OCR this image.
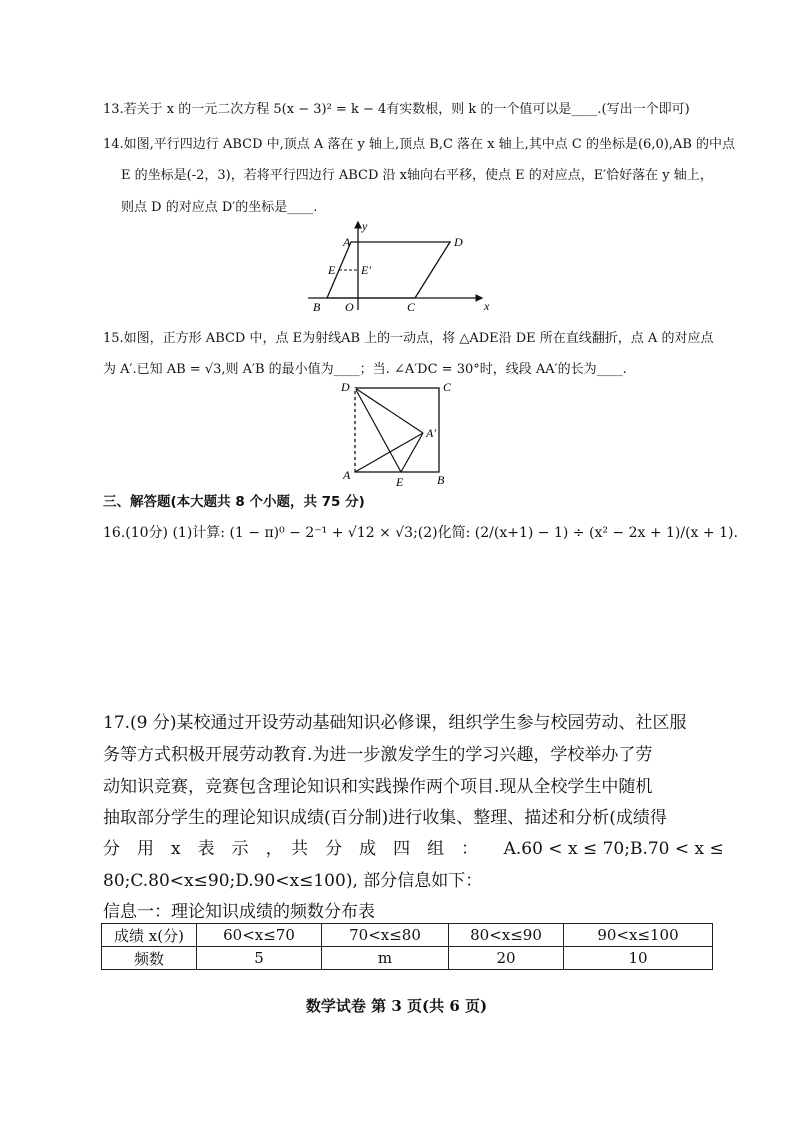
13.若关于 x 的一元二次方程 5(x − 3)² = k − 4有实数根，则 k 的一个值可以是____.(写出一个即可)
14.如图,平行四边行 ABCD 中,顶点 A 落在 y 轴上,顶点 B,C 落在 x 轴上,其中点 C 的坐标是(6,0),AB 的中点
E 的坐标是(-2，3)，若将平行四边行 ABCD 沿 x轴向右平移，使点 E 的对应点，E′恰好落在 y 轴上，
则点 D 的对应点 D′的坐标是____.
y
x
A	D
E E′
B O	C
15.如图，正方形 ABCD 中，点 E为射线AB 上的一动点，将 △ADE沿 DE 所在直线翻折，点 A 的对应点
为 A′.已知 AB = √3,则 A′B 的最小值为____；当. ∠A′DC = 30°时，线段 AA′的长为____.
D	C
A′
A	E	B
三、解答题(本大题共 8 个小题，共 75 分)
16.(10分) (1)计算: (1 − π)⁰ − 2⁻¹ + √12 × √3;(2)化简: (2/(x+1) − 1) ÷ (x² − 2x + 1)/(x + 1).
17.(9 分)某校通过开设劳动基础知识必修课，组织学生参与校园劳动、社区服
务等方式积极开展劳动教育.为进一步激发学生的学习兴趣，学校举办了劳
动知识竞赛，竞赛包含理论知识和实践操作两个项目.现从全校学生中随机
抽取部分学生的理论知识成绩(百分制)进行收集、整理、描述和分析(成绩得
分　用　x　表　示　，　共　分　成　四　组　：　　A.60 < x ≤ 70;B.70 < x ≤
80;C.80<x≤90;D.90<x≤100), 部分信息如下：
信息一：理论知识成绩的频数分布表
成绩 x(分)	60<x≤70	70<x≤80	80<x≤90	90<x≤100
频数	5	m	20	10
数学试卷 第 3 页(共 6 页)
